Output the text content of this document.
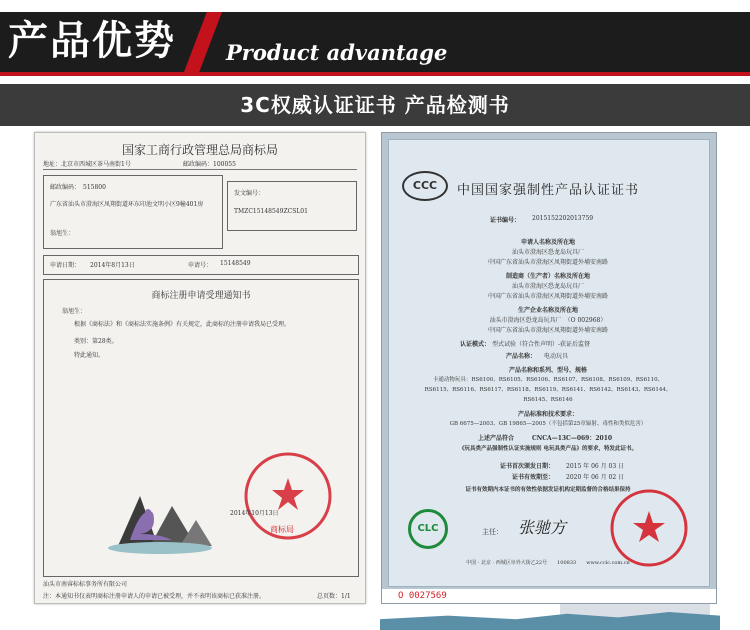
产品优势 Product advantage
3C权威认证证书 产品检测书
国家工商行政管理总局商标局
地址：北京市西城区茶马南街1号	邮政编码：100055
邮政编码：　515800
广东省汕头市澄海区凤翔街道环东印池文明小区9幢401房
翁旭生：
发文编号：
TMZC15148549ZCSL01
申请日期： 2014年8月13日	申请号： 15148549
商标注册申请受理通知书
翁旭生：
根据《商标法》和《商标法实施条例》有关规定，此商标的注册申请我局已受理。
类别：第28类。
特此通知。
2014年10月13日
商标局
汕头市南睿标标事务所有限公司
注：本通知书仅表明商标注册申请人的申请已被受理，并不表明该商标已获准注册。	总页数：1/1
CCC	中国国家强制性产品认证证书
证书编号： 2015152202013759
申请人名称及所在地
汕头市澄海区恐龙岛玩具厂
中国广东省汕头市澄海区凤翔街道外埔安南路
制造商（生产者）名称及所在地
汕头市澄海区恐龙岛玩具厂
中国广东省汕头市澄海区凤翔街道外埔安南路
生产企业名称及所在地
汕头市澄海区恐龙岛玩具厂　（O 002968）
中国广东省汕头市澄海区凤翔街道外埔安南路
认证模式： 型式试验（符合性声明）-获证后监督
产品名称： 电动玩具
产品名称和系列、型号、规格
卡通动物玩具：RS6100、RS6105、RS6106、RS6107、RS6108、RS6109、RS6110、
RS6115、RS6116、RS6117、RS6118、RS6119、RS6141、RS6142、RS6143、RS6144、
RS6145、RS6146
产品标准和技术要求：
GB 6675—2003、GB 19865—2005（不包括第25章辐射、毒性和类似危害）
上述产品符合	CNCA—13C—069：2010
《玩具类产品强制性认证实施规则 电玩具类产品》的要求，特发此证书。
证书首次颁发日期： 2015 年 06 月 03 日
证书有效期至： 2020 年 06 月 02 日
证书有效期内本证书的有效性依据发证机构定期监督的合格结果保持
CLC	主任： 张驰方
中国 · 北京 · 西城区阜外大街乙22号　　100833　　www.cclc.com.cn
O 0027569
